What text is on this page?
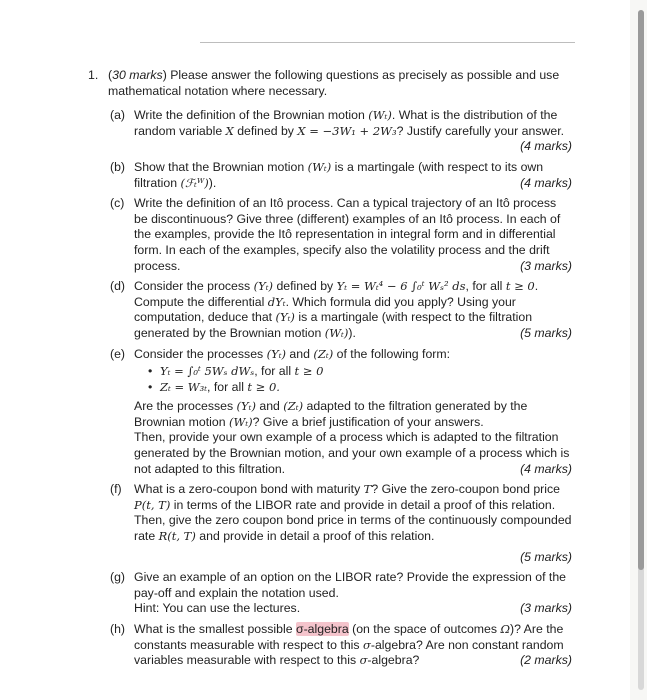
1. (30 marks) Please answer the following questions as precisely as possible and use mathematical notation where necessary.
(a) Write the definition of the Brownian motion (Wₜ). What is the distribution of the random variable X defined by X = −3W₁ + 2W₃? Justify carefully your answer.
(4 marks)
(b) Show that the Brownian motion (Wₜ) is a martingale (with respect to its own filtration (ℱₜᵂ)).	(4 marks)
(c) Write the definition of an Itô process. Can a typical trajectory of an Itô process be discontinuous? Give three (different) examples of an Itô process. In each of the examples, provide the Itô representation in integral form and in differential form. In each of the examples, specify also the volatility process and the drift process.	(3 marks)
(d) Consider the process (Yₜ) defined by Yₜ = Wₜ⁴ − 6 ∫₀ᵗ Wₛ² ds, for all t ≥ 0. Compute the differential dYₜ. Which formula did you apply? Using your computation, deduce that (Yₜ) is a martingale (with respect to the filtration generated by the Brownian motion (Wₜ)).	(5 marks)
(e) Consider the processes (Yₜ) and (Zₜ) of the following form:
• Yₜ = ∫₀ᵗ 5Wₛ dWₛ, for all t ≥ 0
• Zₜ = W₃ₜ, for all t ≥ 0.
Are the processes (Yₜ) and (Zₜ) adapted to the filtration generated by the Brownian motion (Wₜ)? Give a brief justification of your answers.
Then, provide your own example of a process which is adapted to the filtration generated by the Brownian motion, and your own example of a process which is not adapted to this filtration.	(4 marks)
(f)	What is a zero-coupon bond with maturity T? Give the zero-coupon bond price P(t, T) in terms of the LIBOR rate and provide in detail a proof of this relation. Then, give the zero coupon bond price in terms of the continuously compounded rate R(t, T) and provide in detail a proof of this relation.
(5 marks)
(g) Give an example of an option on the LIBOR rate? Provide the expression of the pay-off and explain the notation used.
Hint: You can use the lectures.	(3 marks)
(h) What is the smallest possible σ-algebra (on the space of outcomes Ω)? Are the constants measurable with respect to this σ-algebra? Are non constant random variables measurable with respect to this σ-algebra?	(2 marks)
